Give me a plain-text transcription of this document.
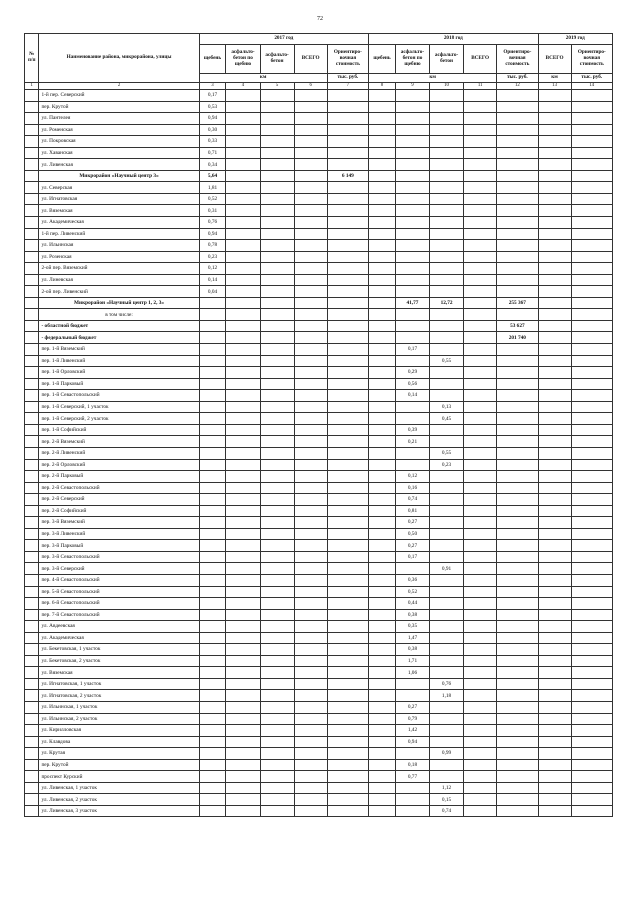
72
№ п/п	Наименование района, микрорайона, улицы	2017 год					2018 год					2019 год	
		щебень	асфальто-бетон по щебню	асфальто-бетон	ВСЕГО	Ориентиро-вочная стоимость	щебень	асфальто-бетон по щебню	асфальто-бетон	ВСЕГО	Ориентиро-вочная стоимость	ВСЕГО	Ориентиро-вочная стоимость
		км				тыс. руб.	км				тыс. руб.	км	тыс. руб.
1	2	3	4	5	6	7	8	9	10	11	12	13	14
	1-й пер. Северский	0,17											
	пер. Крутой	0,53											
	ул. Пантелея	0,94											
	ул. Роменская	0,30											
	ул. Покровская	0,33											
	ул. Хаванская	0,71											
	ул. Ливенская	0,34											
	Микрорайон «Научный центр 3»	5,64				6 149							
	ул. Северская	1,81											
	ул. Игнатовская	0,52											
	ул. Вяземская	0,31											
	ул. Академическая	0,76											
	1-й пер. Ливенский	0,94											
	ул. Ильинская	0,78											
	ул. Розенская	0,23											
	2-ой пер. Вяземский	0,12											
	ул. Линевская	0,14											
	2-ой пер. Ливенский	0,04											
	Микрорайон «Научный центр 1, 2, 3»							41,77	12,72		255 367		
	в том числе:												
	- областной бюджет										53 627		
	- федеральный бюджет										201 740		
	пер. 1-й Вяземский							0,17					
	пер. 1-й Ливенский								0,55				
	пер. 1-й Орловский							0,29					
	пер. 1-й Парковый							0,56					
	пер. 1-й Севастопольский							0,14					
	пер. 1-й Северский, 1 участок								0,13				
	пер. 1-й Северский, 2 участок								0,45				
	пер. 1-й Софийский							0,39					
	пер. 2-й Вяземский							0,21					
	пер. 2-й Ливенский								0,55				
	пер. 2-й Орловский								0,23				
	пер. 2-й Парковый							0,12					
	пер. 2-й Севастопольский							0,16					
	пер. 2-й Северский							0,74					
	пер. 2-й Софийский							0,81					
	пер. 3-й Вяземский							0,27					
	пер. 3-й Ливенский							0,50					
	пер. 3-й Парковый							0,27					
	пер. 3-й Севастопольский							0,17					
	пер. 3-й Северский								0,91				
	пер. 4-й Севастопольский							0,36					
	пер. 5-й Севастопольский							0,52					
	пер. 6-й Севастопольский							0,44					
	пер. 7-й Севастопольский							0,38					
	ул. Авдеевская							0,35					
	ул. Академическая							1,47					
	ул. Бекетовская, 1 участок							0,38					
	ул. Бекетовская, 2 участок							1,71					
	ул. Вяземская							1,06					
	ул. Игнатовская, 1 участок								0,76				
	ул. Игнатовская, 2 участок								1,18				
	ул. Ильинская, 1 участок							0,27					
	ул. Ильинская, 2 участок							0,79					
	ул. Кирилловская							1,42					
	ул. Клавдова							0,94					
	ул. Крутая								0,99				
	пер. Крутой							0,18					
	проспект Курский							0,77					
	ул. Ливенская, 1 участок								1,12				
	ул. Ливенская, 2 участок								0,15				
	ул. Ливенская, 3 участок								0,74				
